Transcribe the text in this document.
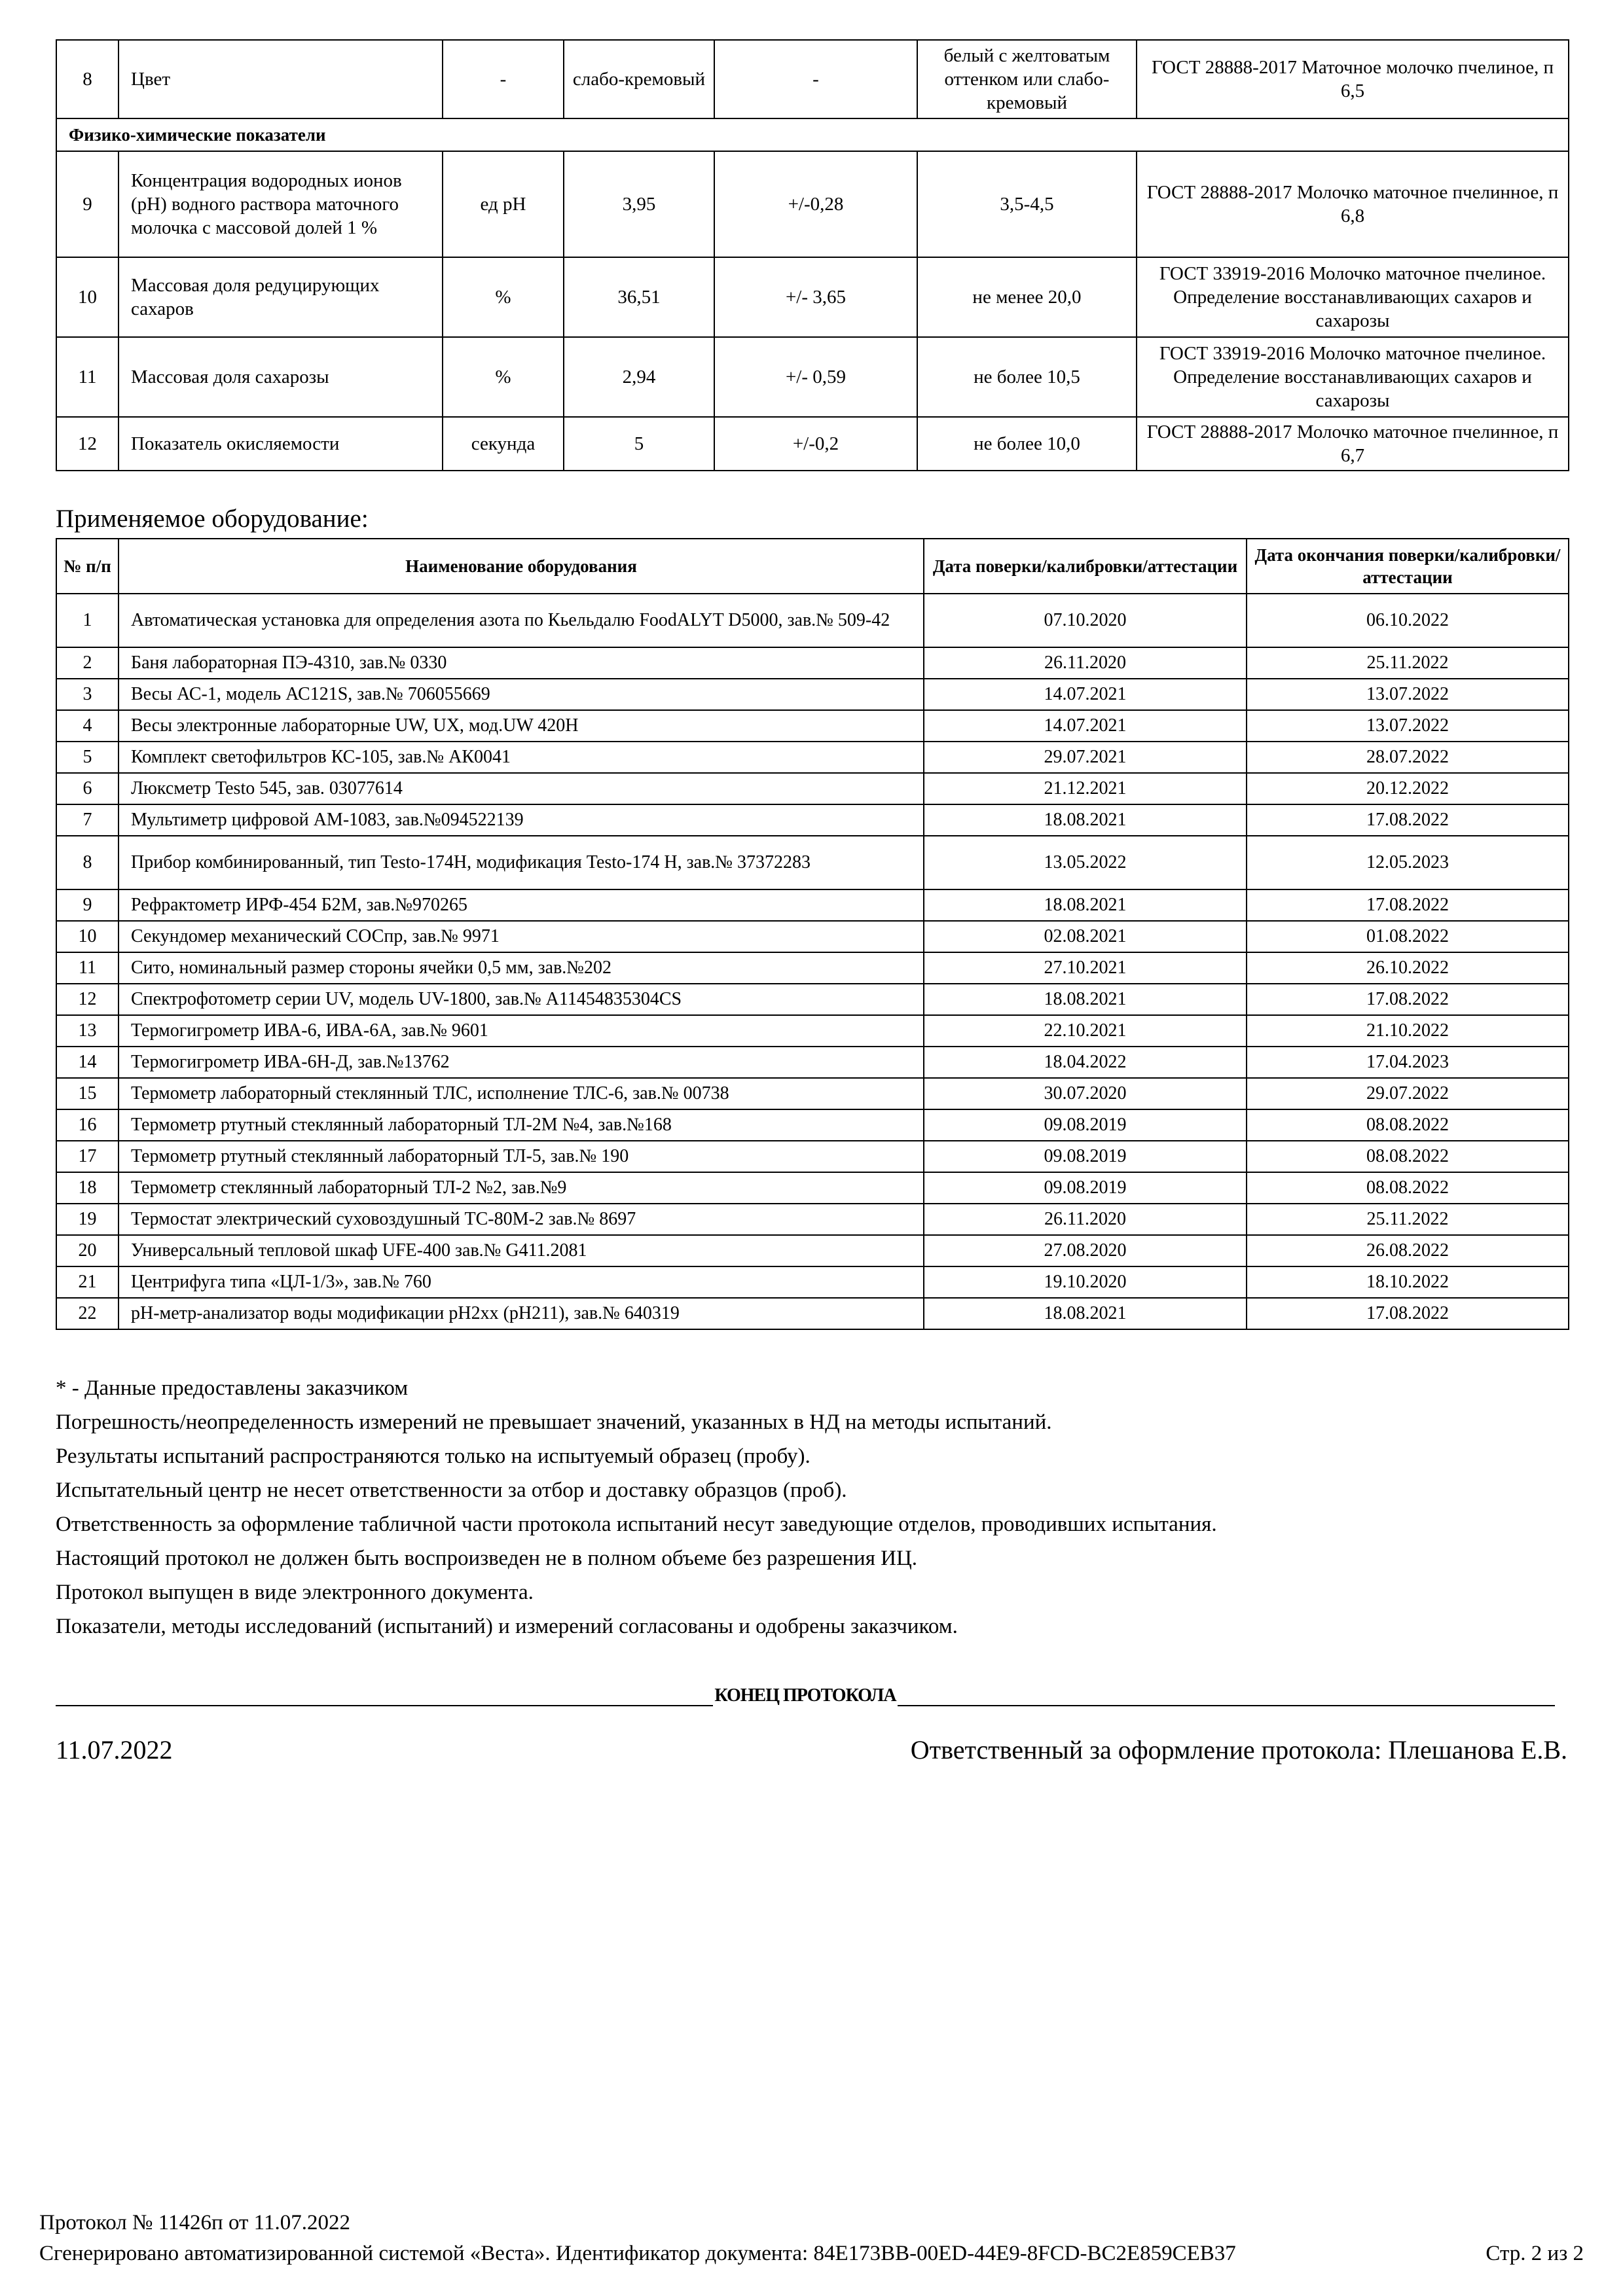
8	Цвет	-	слабо-кремовый	-	белый с желтоватым оттенком или слабо-кремовый	ГОСТ 28888-2017 Маточное молочко пчелиное, п 6,5
Физико-химические показатели						
9	Концентрация водородных ионов (рН) водного раствора маточного молочка с массовой долей 1 %	ед рН	3,95	+/-0,28	3,5-4,5	ГОСТ 28888-2017 Молочко маточное пчелинное, п 6,8
10	Массовая доля редуцирующих сахаров	%	36,51	+/- 3,65	не менее 20,0	ГОСТ 33919-2016 Молочко маточное пчелиное. Определение восстанавливающих сахаров и сахарозы
11	Массовая доля сахарозы	%	2,94	+/- 0,59	не более 10,5	ГОСТ 33919-2016 Молочко маточное пчелиное. Определение восстанавливающих сахаров и сахарозы
12	Показатель окисляемости	секунда	5	+/-0,2	не более 10,0	ГОСТ 28888-2017 Молочко маточное пчелинное, п 6,7
Применяемое оборудование:
№ п/п	Наименование оборудования	Дата поверки/калибровки/аттестации	Дата окончания поверки/калибровки/аттестации
1	Автоматическая установка для определения азота по Кьельдалю FoodALYT D5000, зав.№ 509-42	07.10.2020	06.10.2022
2	Баня лабораторная ПЭ-4310, зав.№ 0330	26.11.2020	25.11.2022
3	Весы АС-1, модель АС121S, зав.№ 706055669	14.07.2021	13.07.2022
4	Весы электронные лабораторные UW, UX, мод.UW 420H	14.07.2021	13.07.2022
5	Комплект светофильтров КС-105, зав.№ АК0041	29.07.2021	28.07.2022
6	Люксметр Testo 545, зав. 03077614	21.12.2021	20.12.2022
7	Мультиметр цифровой АМ-1083, зав.№094522139	18.08.2021	17.08.2022
8	Прибор комбинированный, тип Testo-174H, модификация Testo-174 H, зав.№ 37372283	13.05.2022	12.05.2023
9	Рефрактометр ИРФ-454 Б2М, зав.№970265	18.08.2021	17.08.2022
10	Секундомер механический СОСпр, зав.№ 9971	02.08.2021	01.08.2022
11	Сито, номинальный размер стороны ячейки 0,5 мм, зав.№202	27.10.2021	26.10.2022
12	Спектрофотометр серии UV, модель UV-1800, зав.№ A11454835304CS	18.08.2021	17.08.2022
13	Термогигрометр ИВА-6, ИВА-6А, зав.№ 9601	22.10.2021	21.10.2022
14	Термогигрометр ИВА-6Н-Д, зав.№13762	18.04.2022	17.04.2023
15	Термометр лабораторный стеклянный ТЛС, исполнение ТЛС-6, зав.№ 00738	30.07.2020	29.07.2022
16	Термометр ртутный стеклянный лабораторный ТЛ-2М №4, зав.№168	09.08.2019	08.08.2022
17	Термометр ртутный стеклянный лабораторный ТЛ-5, зав.№ 190	09.08.2019	08.08.2022
18	Термометр стеклянный лабораторный ТЛ-2 №2, зав.№9	09.08.2019	08.08.2022
19	Термостат электрический суховоздушный ТС-80М-2 зав.№ 8697	26.11.2020	25.11.2022
20	Универсальный тепловой шкаф UFE-400 зав.№ G411.2081	27.08.2020	26.08.2022
21	Центрифуга типа «ЦЛ-1/3», зав.№ 760	19.10.2020	18.10.2022
22	pH-метр-анализатор воды модификации рН2хх (pH211), зав.№ 640319	18.08.2021	17.08.2022

* - Данные предоставлены заказчиком

Погрешность/неопределенность измерений не превышает значений, указанных в НД на методы испытаний.

Результаты испытаний распространяются только на испытуемый образец (пробу).

Испытательный центр не несет ответственности за отбор и доставку образцов (проб).

Ответственность за оформление табличной части протокола испытаний несут заведующие отделов, проводивших испытания.

Настоящий протокол не должен быть воспроизведен не в полном объеме без разрешения ИЦ.

Протокол выпущен в виде электронного документа.

Показатели, методы исследований (испытаний) и измерений согласованы и одобрены заказчиком.

КОНЕЦ ПРОТОКОЛА
11.07.2022	Ответственный за оформление протокола: Плешанова Е.В.
Протокол № 11426п от 11.07.2022
Сгенерировано автоматизированной системой «Веста». Идентификатор документа: 84E173BB-00ED-44E9-8FCD-BC2E859CEB37	Стр. 2 из 2
